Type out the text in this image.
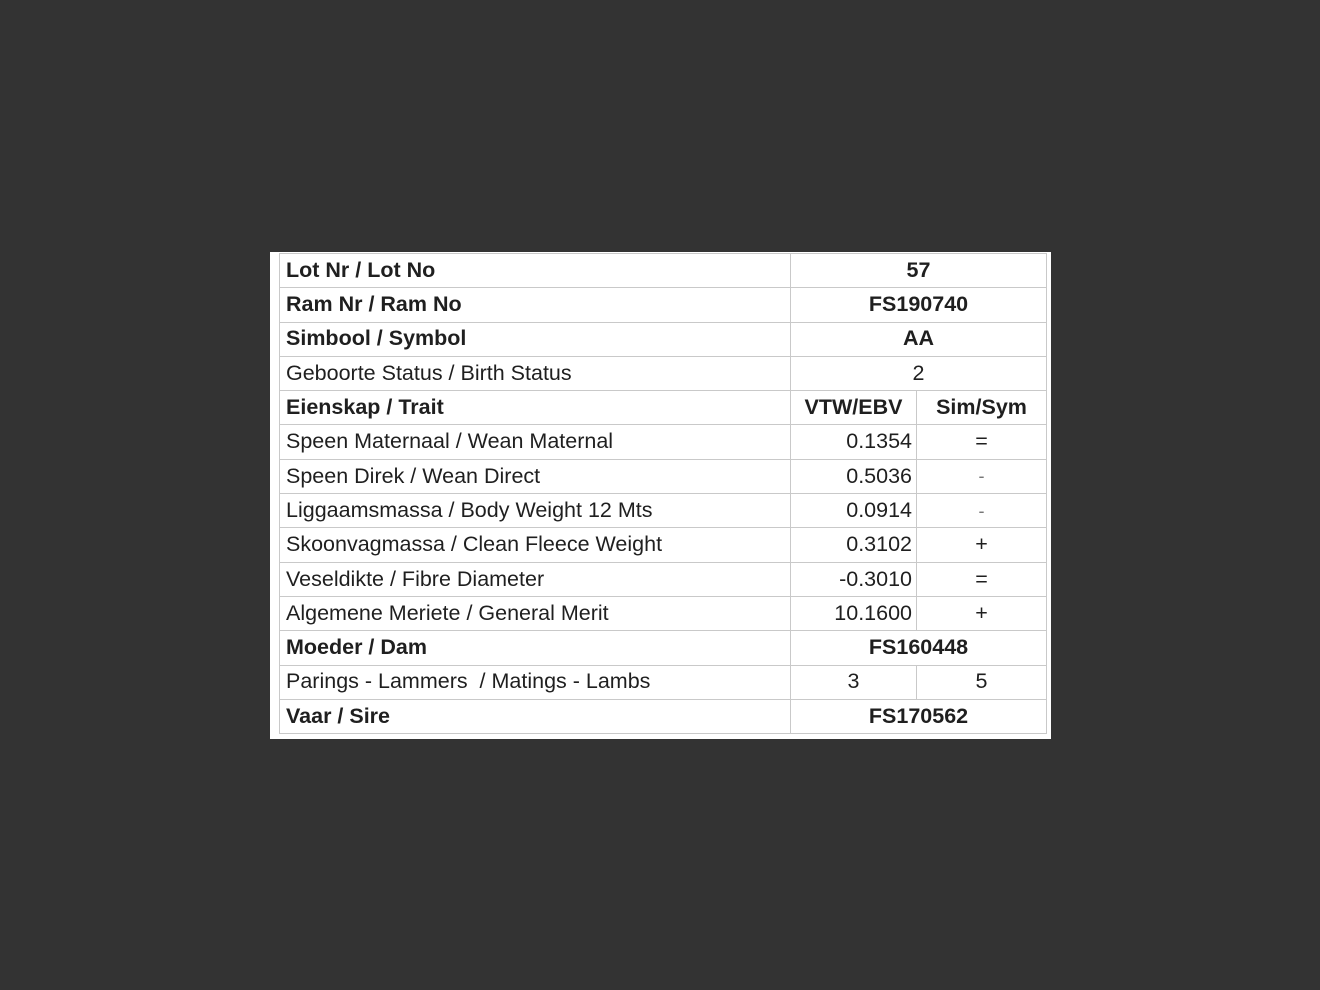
Lot Nr / Lot No	57	
Ram Nr / Ram No	FS190740	
Simbool / Symbol	AA	
Geboorte Status / Birth Status	2	
Eienskap / Trait	VTW/EBV	Sim/Sym
Speen Maternaal / Wean Maternal	0.1354	=
Speen Direk / Wean Direct	0.5036	-
Liggaamsmassa / Body Weight 12 Mts	0.0914	-
Skoonvagmassa / Clean Fleece Weight	0.3102	+
Veseldikte / Fibre Diameter	-0.3010	=
Algemene Meriete / General Merit	10.1600	+
Moeder / Dam	FS160448	
Parings - Lammers  / Matings - Lambs	3	5
Vaar / Sire	FS170562	
